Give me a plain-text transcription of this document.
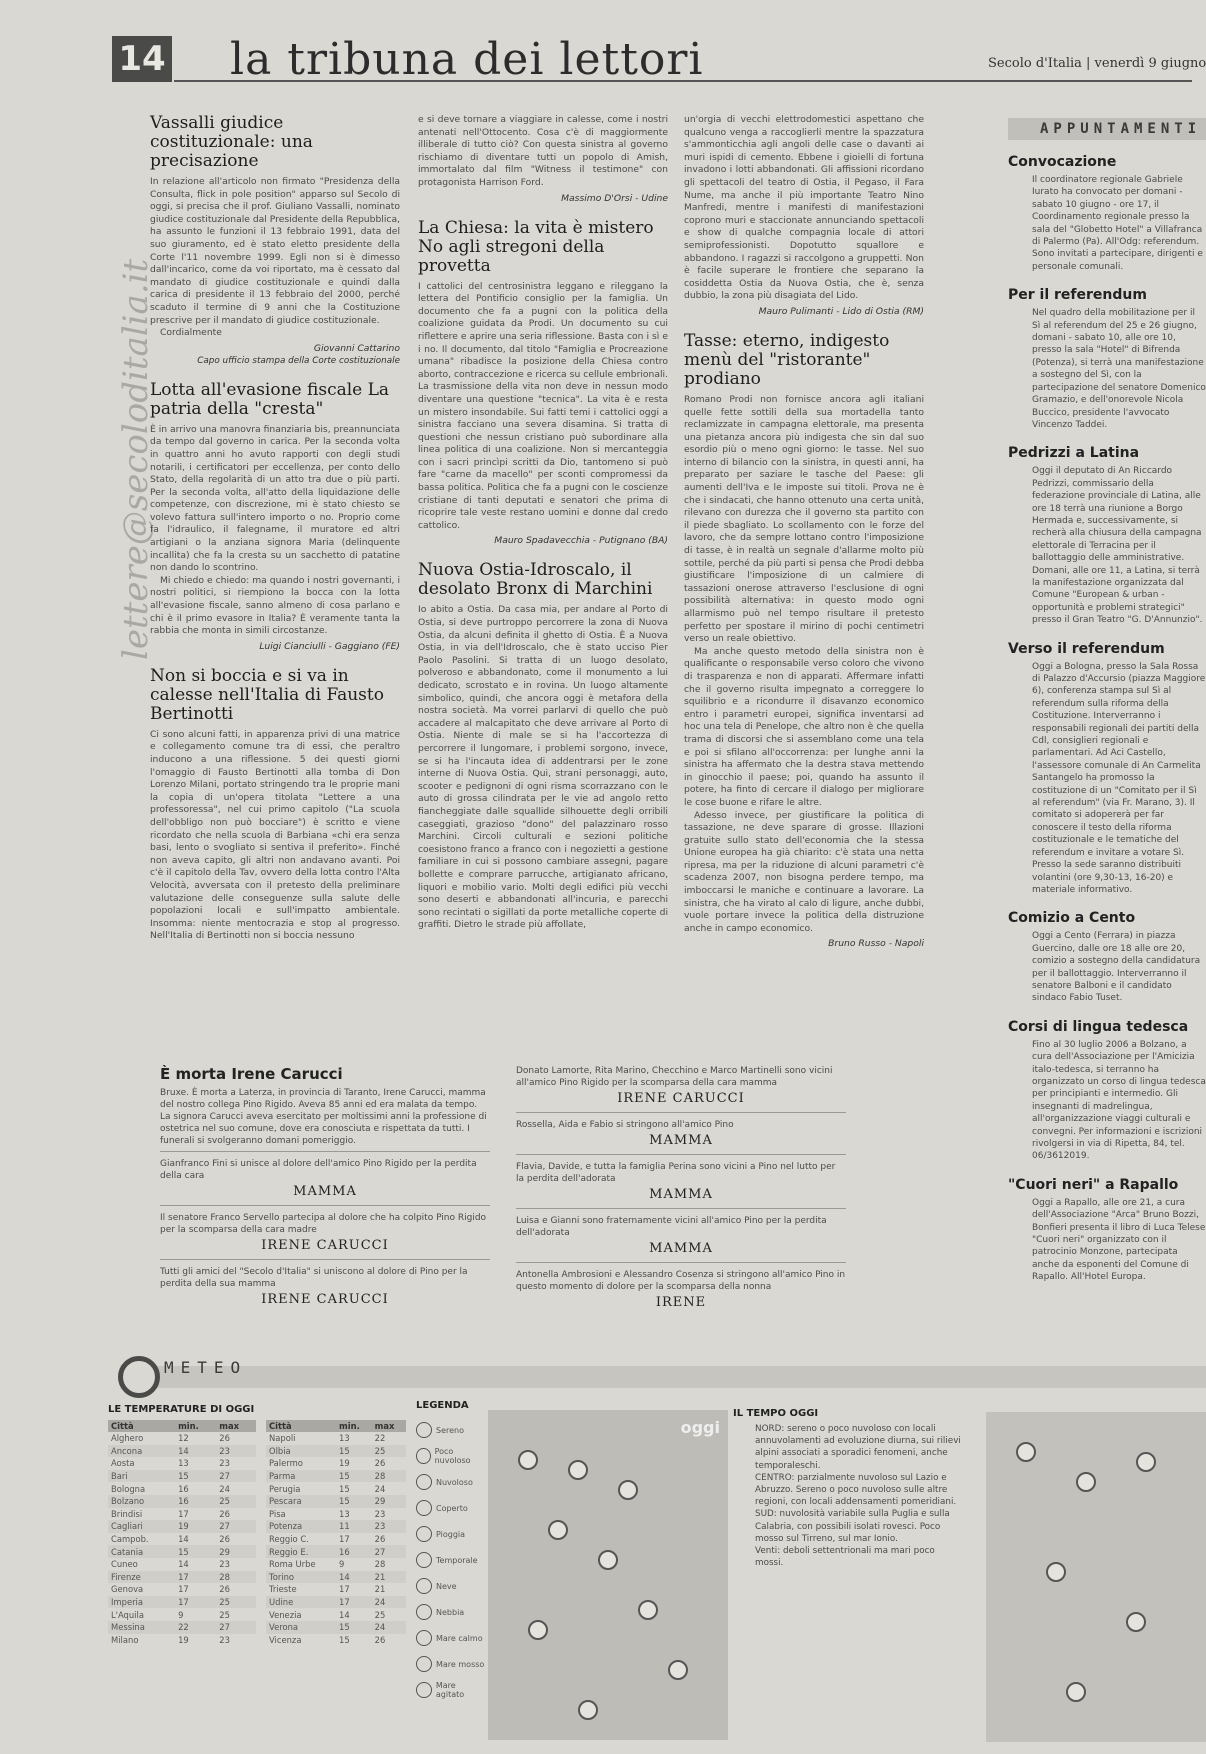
14 la tribuna dei lettori	Secolo d'Italia | venerdì 9 giugno
lettere@secoloditalia.it
Vassalli giudice costituzionale: una precisazione

In relazione all'articolo non firmato "Presidenza della Consulta, flick in pole position" apparso sul Secolo di oggi, si precisa che il prof. Giuliano Vassalli, nominato giudice costituzionale dal Presidente della Repubblica, ha assunto le funzioni il 13 febbraio 1991, data del suo giuramento, ed è stato eletto presidente della Corte l'11 novembre 1999. Egli non si è dimesso dall'incarico, come da voi riportato, ma è cessato dal mandato di giudice costituzionale e quindi dalla carica di presidente il 13 febbraio del 2000, perché scaduto il termine di 9 anni che la Costituzione prescrive per il mandato di giudice costituzionale.

Cordialmente

Giovanni Cattarino
Capo ufficio stampa della Corte costituzionale
Lotta all'evasione fiscale La patria della "cresta"

È in arrivo una manovra finanziaria bis, preannunciata da tempo dal governo in carica. Per la seconda volta in quattro anni ho avuto rapporti con degli studi notarili, i certificatori per eccellenza, per conto dello Stato, della regolarità di un atto tra due o più parti. Per la seconda volta, all'atto della liquidazione delle competenze, con discrezione, mi è stato chiesto se volevo fattura sull'intero importo o no. Proprio come fa l'idraulico, il falegname, il muratore ed altri artigiani o la anziana signora Maria (delinquente incallita) che fa la cresta su un sacchetto di patatine non dando lo scontrino.

Mi chiedo e chiedo: ma quando i nostri governanti, i nostri politici, si riempiono la bocca con la lotta all'evasione fiscale, sanno almeno di cosa parlano e chi è il primo evasore in Italia? È veramente tanta la rabbia che monta in simili circostanze.

Luigi Cianciulli - Gaggiano (FE)
Non si boccia e si va in calesse nell'Italia di Fausto Bertinotti

Ci sono alcuni fatti, in apparenza privi di una matrice e collegamento comune tra di essi, che peraltro inducono a una riflessione. 5 dei questi giorni l'omaggio di Fausto Bertinotti alla tomba di Don Lorenzo Milani, portato stringendo tra le proprie mani la copia di un'opera titolata "Lettere a una professoressa", nel cui primo capitolo ("La scuola dell'obbligo non può bocciare") è scritto e viene ricordato che nella scuola di Barbiana «chi era senza basi, lento o svogliato si sentiva il preferito». Finché non aveva capito, gli altri non andavano avanti. Poi c'è il capitolo della Tav, ovvero della lotta contro l'Alta Velocità, avversata con il pretesto della preliminare valutazione delle conseguenze sulla salute delle popolazioni locali e sull'impatto ambientale. Insomma: niente mentocrazia e stop al progresso. Nell'Italia di Bertinotti non si boccia nessuno

e si deve tornare a viaggiare in calesse, come i nostri antenati nell'Ottocento. Cosa c'è di maggiormente illiberale di tutto ciò? Con questa sinistra al governo rischiamo di diventare tutti un popolo di Amish, immortalato dal film "Witness il testimone" con protagonista Harrison Ford.

Massimo D'Orsi - Udine
La Chiesa: la vita è mistero No agli stregoni della provetta

I cattolici del centrosinistra leggano e rileggano la lettera del Pontificio consiglio per la famiglia. Un documento che fa a pugni con la politica della coalizione guidata da Prodi. Un documento su cui riflettere e aprire una seria riflessione. Basta con i sì e i no. Il documento, dal titolo "Famiglia e Procreazione umana" ribadisce la posizione della Chiesa contro aborto, contraccezione e ricerca su cellule embrionali. La trasmissione della vita non deve in nessun modo diventare una questione "tecnica". La vita è e resta un mistero insondabile. Sui fatti temi i cattolici oggi a sinistra facciano una severa disamina. Si tratta di questioni che nessun cristiano può subordinare alla linea politica di una coalizione. Non si mercanteggia con i sacri princìpi scritti da Dio, tantomeno si può fare "carne da macello" per sconti compromessi da bassa politica. Politica che fa a pugni con le coscienze cristiane di tanti deputati e senatori che prima di ricoprire tale veste restano uomini e donne dal credo cattolico.

Mauro Spadavecchia - Putignano (BA)
Nuova Ostia-Idroscalo, il desolato Bronx di Marchini

Io abito a Ostia. Da casa mia, per andare al Porto di Ostia, si deve purtroppo percorrere la zona di Nuova Ostia, da alcuni definita il ghetto di Ostia. È a Nuova Ostia, in via dell'Idroscalo, che è stato ucciso Pier Paolo Pasolini. Si tratta di un luogo desolato, polveroso e abbandonato, come il monumento a lui dedicato, scrostato e in rovina. Un luogo altamente simbolico, quindi, che ancora oggi è metafora della nostra società. Ma vorrei parlarvi di quello che può accadere al malcapitato che deve arrivare al Porto di Ostia. Niente di male se si ha l'accortezza di percorrere il lungomare, i problemi sorgono, invece, se si ha l'incauta idea di addentrarsi per le zone interne di Nuova Ostia. Qui, strani personaggi, auto, scooter e pedignoni di ogni risma scorrazzano con le auto di grossa cilindrata per le vie ad angolo retto fiancheggiate dalle squallide silhouette degli orribili caseggiati, grazioso "dono" del palazzinaro rosso Marchini. Circoli culturali e sezioni politiche coesistono franco a franco con i negozietti a gestione familiare in cui si possono cambiare assegni, pagare bollette e comprare parrucche, artigianato africano, liquori e mobilio vario. Molti degli edifici più vecchi sono deserti e abbandonati all'incuria, e parecchi sono recintati o sigillati da porte metalliche coperte di graffiti. Dietro le strade più affollate,

un'orgia di vecchi elettrodomestici aspettano che qualcuno venga a raccoglierli mentre la spazzatura s'ammonticchia agli angoli delle case o davanti ai muri ispidi di cemento. Ebbene i gioielli di fortuna invadono i lotti abbandonati. Gli affissioni ricordano gli spettacoli del teatro di Ostia, il Pegaso, il Fara Nume, ma anche il più importante Teatro Nino Manfredi, mentre i manifesti di manifestazioni coprono muri e staccionate annunciando spettacoli e show di qualche compagnia locale di attori semiprofessionisti. Dopotutto squallore e abbandono. I ragazzi si raccolgono a gruppetti. Non è facile superare le frontiere che separano la cosiddetta Ostia da Nuova Ostia, che è, senza dubbio, la zona più disagiata del Lido.

Mauro Pulimanti - Lido di Ostia (RM)
Tasse: eterno, indigesto menù del "ristorante" prodiano

Romano Prodi non fornisce ancora agli italiani quelle fette sottili della sua mortadella tanto reclamizzate in campagna elettorale, ma presenta una pietanza ancora più indigesta che sin dal suo esordio più o meno ogni giorno: le tasse. Nel suo interno di bilancio con la sinistra, in questi anni, ha preparato per saziare le tasche del Paese: gli aumenti dell'Iva e le imposte sui titoli. Prova ne è che i sindacati, che hanno ottenuto una certa unità, rilevano con durezza che il governo sta partito con il piede sbagliato. Lo scollamento con le forze del lavoro, che da sempre lottano contro l'imposizione di tasse, è in realtà un segnale d'allarme molto più sottile, perché da più parti si pensa che Prodi debba giustificare l'imposizione di un calmiere di tassazioni onerose attraverso l'esclusione di ogni possibilità alternativa: in questo modo ogni allarmismo può nel tempo risultare il pretesto perfetto per spostare il mirino di pochi centimetri verso un reale obiettivo.

Ma anche questo metodo della sinistra non è qualificante o responsabile verso coloro che vivono di trasparenza e non di apparati. Affermare infatti che il governo risulta impegnato a correggere lo squilibrio e a ricondurre il disavanzo economico entro i parametri europei, significa inventarsi ad hoc una tela di Penelope, che altro non è che quella trama di discorsi che si assemblano come una tela e poi si sfilano all'occorrenza: per lunghe anni la sinistra ha affermato che la destra stava mettendo in ginocchio il paese; poi, quando ha assunto il potere, ha finto di cercare il dialogo per migliorare le cose buone e rifare le altre.

Adesso invece, per giustificare la politica di tassazione, ne deve sparare di grosse. Illazioni gratuite sullo stato dell'economia che la stessa Unione europea ha già chiarito: c'è stata una netta ripresa, ma per la riduzione di alcuni parametri c'è scadenza 2007, non bisogna perdere tempo, ma imboccarsi le maniche e continuare a lavorare. La sinistra, che ha virato al calo di ligure, anche dubbi, vuole portare invece la politica della distruzione anche in campo economico.

Bruno Russo - Napoli
APPUNTAMENTI
Convocazione

Il coordinatore regionale Gabriele Iurato ha convocato per domani - sabato 10 giugno - ore 17, il Coordinamento regionale presso la sala del "Globetto Hotel" a Villafranca di Palermo (Pa). All'Odg: referendum. Sono invitati a partecipare, dirigenti e personale comunali.

Per il referendum

Nel quadro della mobilitazione per il Sì al referendum del 25 e 26 giugno, domani - sabato 10, alle ore 10, presso la sala "Hotel" di Bifrenda (Potenza), si terrà una manifestazione a sostegno del Sì, con la partecipazione del senatore Domenico Gramazio, e dell'onorevole Nicola Buccico, presidente l'avvocato Vincenzo Taddei.

Pedrizzi a Latina

Oggi il deputato di An Riccardo Pedrizzi, commissario della federazione provinciale di Latina, alle ore 18 terrà una riunione a Borgo Hermada e, successivamente, si recherà alla chiusura della campagna elettorale di Terracina per il ballottaggio delle amministrative. Domani, alle ore 11, a Latina, si terrà la manifestazione organizzata dal Comune "European & urban - opportunità e problemi strategici" presso il Gran Teatro "G. D'Annunzio".

Verso il referendum

Oggi a Bologna, presso la Sala Rossa di Palazzo d'Accursio (piazza Maggiore 6), conferenza stampa sul Sì al referendum sulla riforma della Costituzione. Interverranno i responsabili regionali dei partiti della Cdl, consiglieri regionali e parlamentari. Ad Aci Castello, l'assessore comunale di An Carmelita Santangelo ha promosso la costituzione di un "Comitato per il Sì al referendum" (via Fr. Marano, 3). Il comitato si adopererà per far conoscere il testo della riforma costituzionale e le tematiche del referendum e invitare a votare Sì. Presso la sede saranno distribuiti volantini (ore 9,30-13, 16-20) e materiale informativo.

Comizio a Cento

Oggi a Cento (Ferrara) in piazza Guercino, dalle ore 18 alle ore 20, comizio a sostegno della candidatura per il ballottaggio. Interverranno il senatore Balboni e il candidato sindaco Fabio Tuset.

Corsi di lingua tedesca

Fino al 30 luglio 2006 a Bolzano, a cura dell'Associazione per l'Amicizia italo-tedesca, si terranno ha organizzato un corso di lingua tedesca per principianti e intermedio. Gli insegnanti di madrelingua, all'organizzazione viaggi culturali e convegni. Per informazioni e iscrizioni rivolgersi in via di Ripetta, 84, tel. 06/3612019.

"Cuori neri" a Rapallo

Oggi a Rapallo, alle ore 21, a cura dell'Associazione "Arca" Bruno Bozzi, Bonfieri presenta il libro di Luca Telese "Cuori neri" organizzato con il patrocinio Monzone, partecipata anche da esponenti del Comune di Rapallo. All'Hotel Europa.

È morta Irene Carucci

Bruxe. È morta a Laterza, in provincia di Taranto, Irene Carucci, mamma del nostro collega Pino Rigido. Aveva 85 anni ed era malata da tempo. La signora Carucci aveva esercitato per moltissimi anni la professione di ostetrica nel suo comune, dove era conosciuta e rispettata da tutti. I funerali si svolgeranno domani pomeriggio.

Gianfranco Fini si unisce al dolore dell'amico Pino Rigido per la perdita della cara

MAMMA

Il senatore Franco Servello partecipa al dolore che ha colpito Pino Rigido per la scomparsa della cara madre

IRENE CARUCCI

Tutti gli amici del "Secolo d'Italia" si uniscono al dolore di Pino per la perdita della sua mamma

IRENE CARUCCI

Donato Lamorte, Rita Marino, Checchino e Marco Martinelli sono vicini all'amico Pino Rigido per la scomparsa della cara mamma

IRENE CARUCCI

Rossella, Aida e Fabio si stringono all'amico Pino

MAMMA

Flavia, Davide, e tutta la famiglia Perina sono vicini a Pino nel lutto per la perdita dell'adorata

MAMMA

Luisa e Gianni sono fraternamente vicini all'amico Pino per la perdita dell'adorata

MAMMA

Antonella Ambrosioni e Alessandro Cosenza si stringono all'amico Pino in questo momento di dolore per la scomparsa della nonna

IRENE
METEO
LE TEMPERATURE DI OGGI
Città	min.	max
Alghero	12	26
Ancona	14	23
Aosta	13	23
Bari	15	27
Bologna	16	24
Bolzano	16	25
Brindisi	17	26
Cagliari	19	27
Campob.	14	26
Catania	15	29
Cuneo	14	23
Firenze	17	28
Genova	17	26
Imperia	17	25
L'Aquila	9	25
Messina	22	27
Milano	19	23
Città	min.	max
Napoli	13	22
Olbia	15	25
Palermo	19	26
Parma	15	28
Perugia	15	24
Pescara	15	29
Pisa	13	23
Potenza	11	23
Reggio C.	17	26
Reggio E.	16	27
Roma Urbe	9	28
Torino	14	21
Trieste	17	21
Udine	17	24
Venezia	14	25
Verona	15	24
Vicenza	15	26
LEGENDA
Sereno
Poco nuvoloso
Nuvoloso
Coperto
Pioggia
Temporale
Neve
Nebbia
Mare calmo
Mare mosso
Mare agitato
oggi
IL TEMPO OGGI

NORD: sereno o poco nuvoloso con locali annuvolamenti ad evoluzione diurna, sui rilievi alpini associati a sporadici fenomeni, anche temporaleschi.

CENTRO: parzialmente nuvoloso sul Lazio e Abruzzo. Sereno o poco nuvoloso sulle altre regioni, con locali addensamenti pomeridiani.

SUD: nuvolosità variabile sulla Puglia e sulla Calabria, con possibili isolati rovesci. Poco mosso sul Tirreno, sul mar Ionio.

Venti: deboli settentrionali ma mari poco mossi.
